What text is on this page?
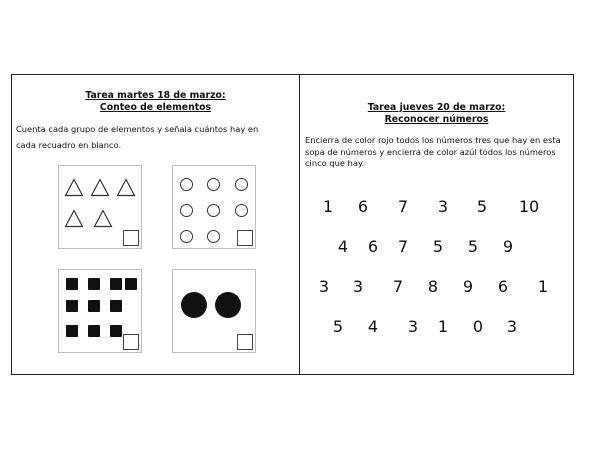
Tarea martes 18 de marzo:
Conteo de elementos
Cuenta cada grupo de elementos y señala cuántos hay en cada recuadro en blanco.
Tarea jueves 20 de marzo:
Reconocer números
Encierra de color rojo todos los números tres que hay en esta sopa de números y encierra de color azúl todos los números cinco que hay.
1	6	7	3	5	10
4	6	7	5	5	9
3	3	7	8	9	6	1
5	4	3	1	0	3
